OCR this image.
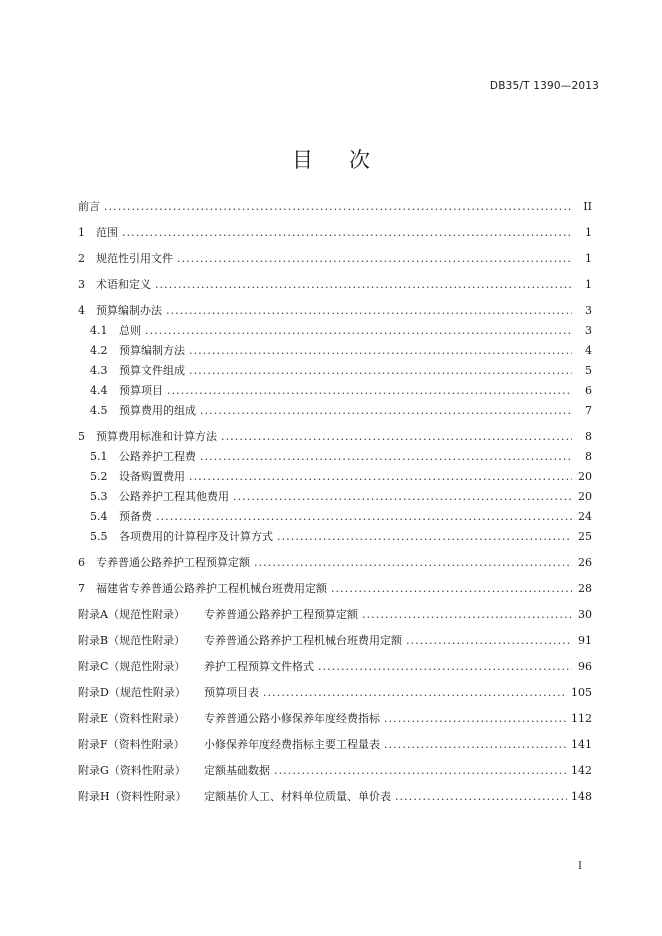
DB35/T 1390—2013
目 次
前言 . . .	II
1	范围 . . .	1
2	规范性引用文件 . . .	1
3	术语和定义 . . .	1
4	预算编制办法 . . .	3
4.1	总则 . . .	3
4.2	预算编制方法 . . .	4
4.3	预算文件组成 . . .	5
4.4	预算项目 . . .	6
4.5	预算费用的组成 . . .	7
5	预算费用标准和计算方法 . . .	8
5.1	公路养护工程费 . . .	8
5.2	设备购置费用 . . .	20
5.3	公路养护工程其他费用 . . .	20
5.4	预备费 . . .	24
5.5	各项费用的计算程序及计算方式 . . .	25
6	专养普通公路养护工程预算定额 . . .	26
7	福建省专养普通公路养护工程机械台班费用定额 . . .	28
附录A（规范性附录）	专养普通公路养护工程预算定额 . . .	30
附录B（规范性附录）	专养普通公路养护工程机械台班费用定额 . . .	91
附录C（规范性附录）	养护工程预算文件格式 . . .	96
附录D（规范性附录）	预算项目表 . . .	105
附录E（资料性附录）	专养普通公路小修保养年度经费指标 . . .	112
附录F（资料性附录）	小修保养年度经费指标主要工程量表 . . .	141
附录G（资料性附录）	定额基础数据 . . .	142
附录H（资料性附录）	定额基价人工、材料单位质量、单价表 . . .	148
I
